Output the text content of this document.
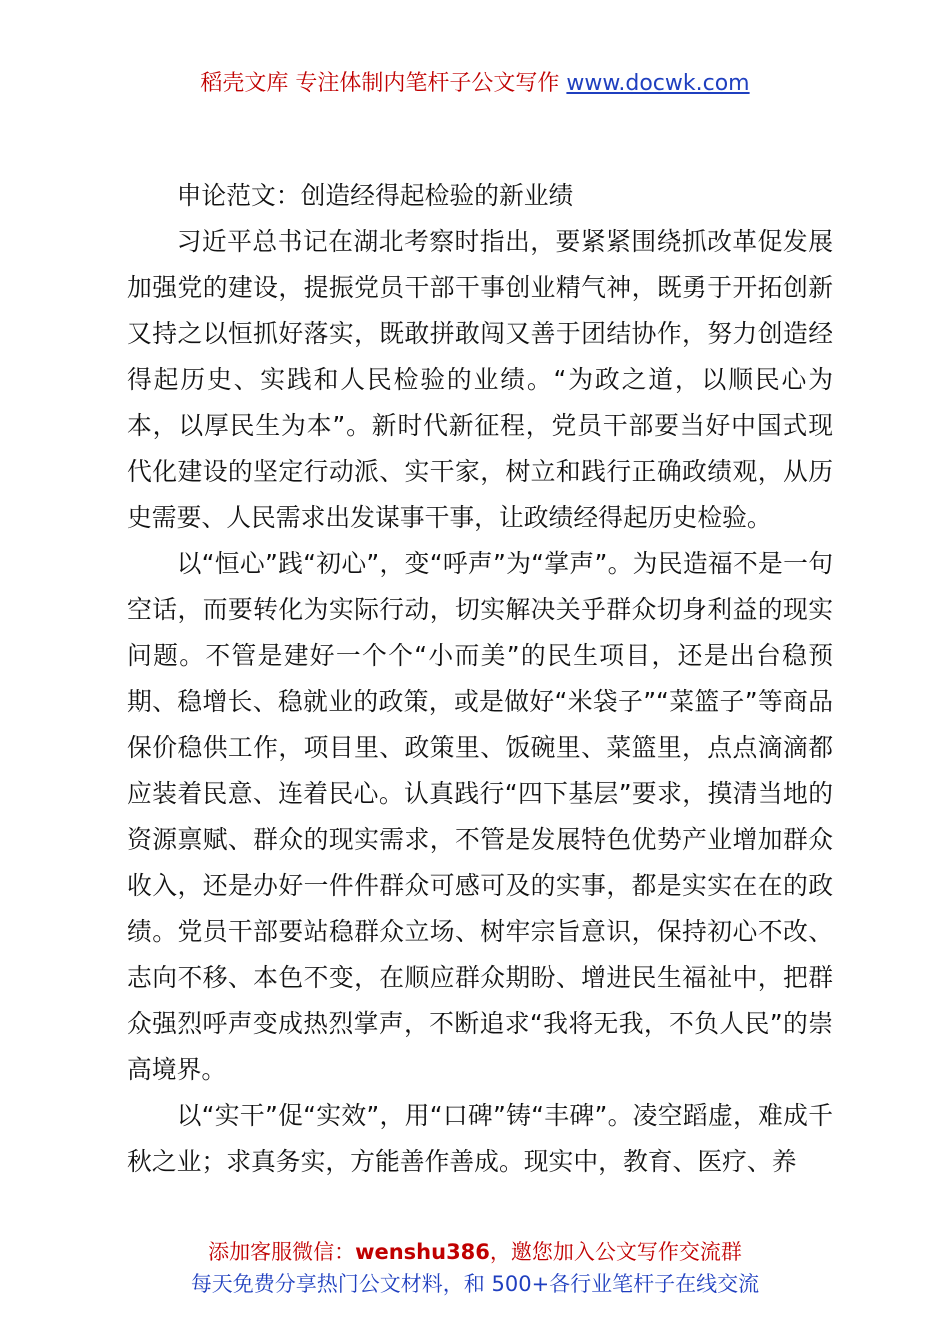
稻壳文库 专注体制内笔杆子公文写作 www.docwk.com

申论范文：创造经得起检验的新业绩

习近平总书记在湖北考察时指出，要紧紧围绕抓改革促发展加强党的建设，提振党员干部干事创业精气神，既勇于开拓创新又持之以恒抓好落实，既敢拼敢闯又善于团结协作，努力创造经得起历史、实践和人民检验的业绩。“为政之道，以顺民心为本，以厚民生为本”。新时代新征程，党员干部要当好中国式现代化建设的坚定行动派、实干家，树立和践行正确政绩观，从历史需要、人民需求出发谋事干事，让政绩经得起历史检验。

以“恒心”践“初心”，变“呼声”为“掌声”。为民造福不是一句空话，而要转化为实际行动，切实解决关乎群众切身利益的现实问题。不管是建好一个个“小而美”的民生项目，还是出台稳预期、稳增长、稳就业的政策，或是做好“米袋子”“菜篮子”等商品保价稳供工作，项目里、政策里、饭碗里、菜篮里，点点滴滴都应装着民意、连着民心。认真践行“四下基层”要求，摸清当地的资源禀赋、群众的现实需求，不管是发展特色优势产业增加群众收入，还是办好一件件群众可感可及的实事，都是实实在在的政绩。党员干部要站稳群众立场、树牢宗旨意识，保持初心不改、志向不移、本色不变，在顺应群众期盼、增进民生福祉中，把群众强烈呼声变成热烈掌声，不断追求“我将无我，不负人民”的崇高境界。

以“实干”促“实效”，用“口碑”铸“丰碑”。凌空蹈虚，难成千秋之业；求真务实，方能善作善成。现实中，教育、医疗、养

添加客服微信：wenshu386，邀您加入公文写作交流群
每天免费分享热门公文材料，和 500+各行业笔杆子在线交流
